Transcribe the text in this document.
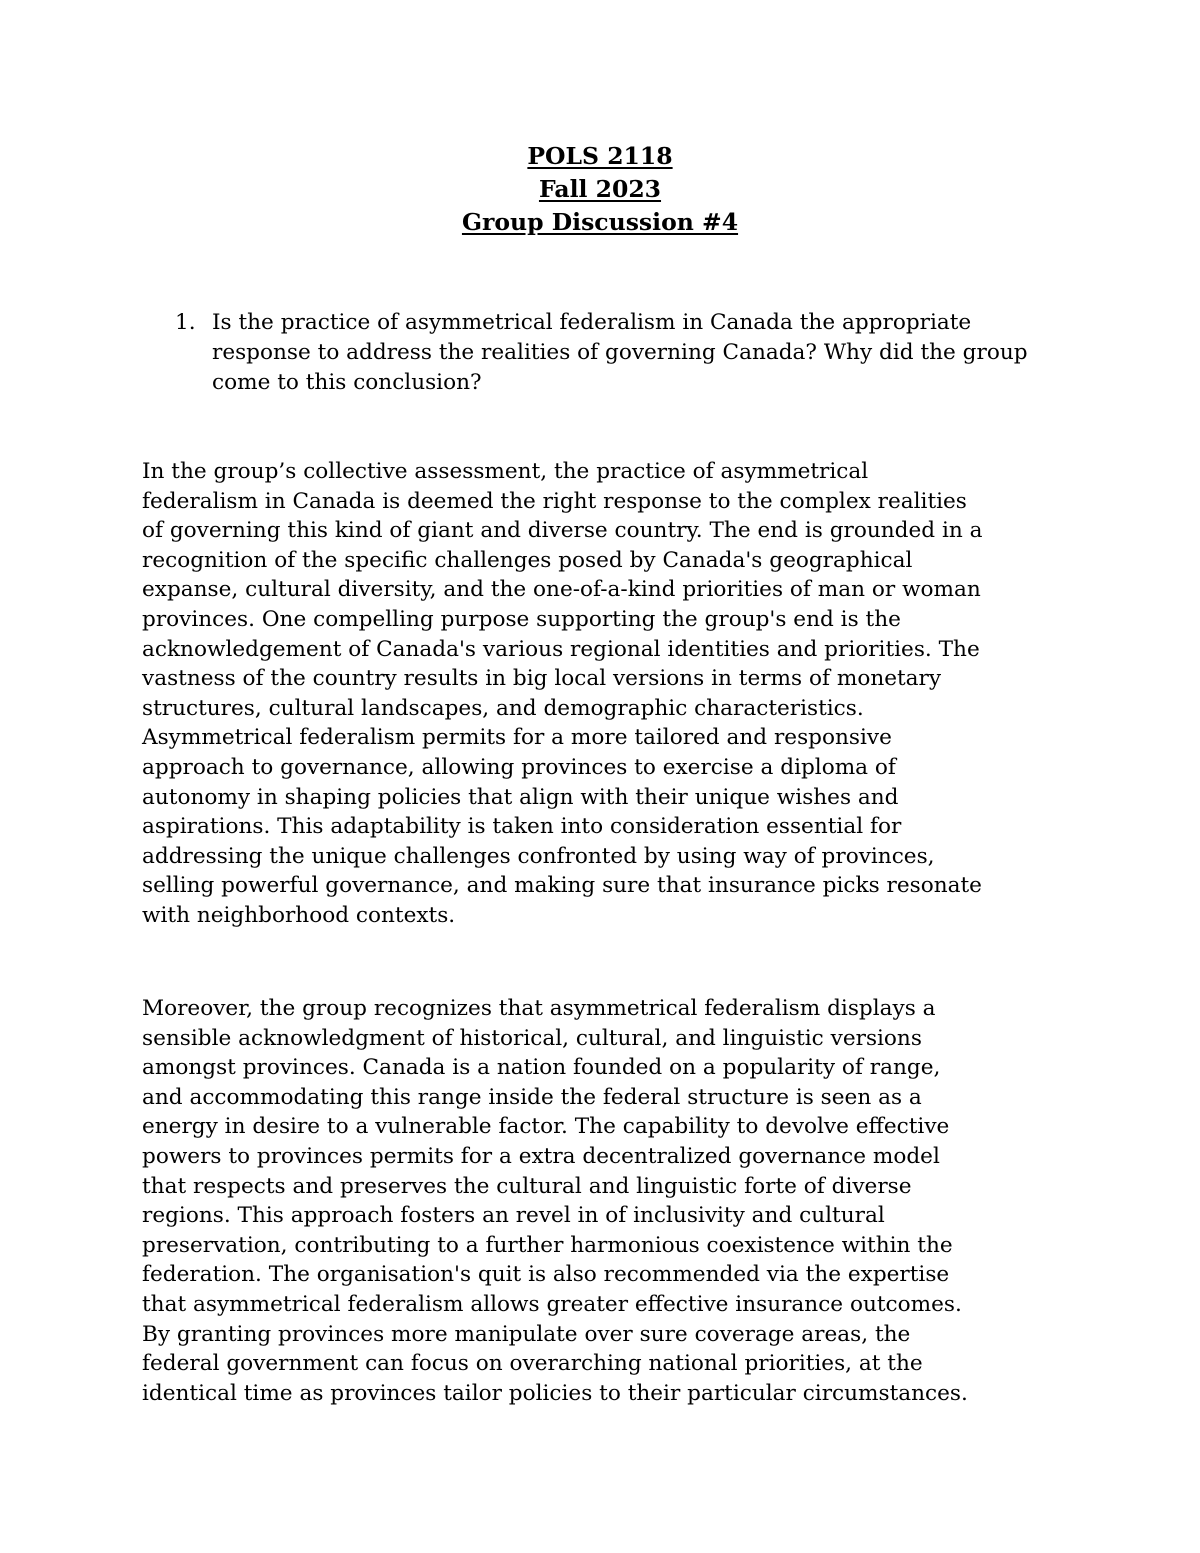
POLS 2118
Fall 2023
Group Discussion #4
1. Is the practice of asymmetrical federalism in Canada the appropriate response to address the realities of governing Canada? Why did the group come to this conclusion?
In the group’s collective assessment, the practice of asymmetrical
federalism in Canada is deemed the right response to the complex realities
of governing this kind of giant and diverse country. The end is grounded in a
recognition of the specific challenges posed by Canada's geographical
expanse, cultural diversity, and the one-of-a-kind priorities of man or woman
provinces. One compelling purpose supporting the group's end is the
acknowledgement of Canada's various regional identities and priorities. The
vastness of the country results in big local versions in terms of monetary
structures, cultural landscapes, and demographic characteristics.
Asymmetrical federalism permits for a more tailored and responsive
approach to governance, allowing provinces to exercise a diploma of
autonomy in shaping policies that align with their unique wishes and
aspirations. This adaptability is taken into consideration essential for
addressing the unique challenges confronted by using way of provinces,
selling powerful governance, and making sure that insurance picks resonate
with neighborhood contexts.
Moreover, the group recognizes that asymmetrical federalism displays a
sensible acknowledgment of historical, cultural, and linguistic versions
amongst provinces. Canada is a nation founded on a popularity of range,
and accommodating this range inside the federal structure is seen as a
energy in desire to a vulnerable factor. The capability to devolve effective
powers to provinces permits for a extra decentralized governance model
that respects and preserves the cultural and linguistic forte of diverse
regions. This approach fosters an revel in of inclusivity and cultural
preservation, contributing to a further harmonious coexistence within the
federation. The organisation's quit is also recommended via the expertise
that asymmetrical federalism allows greater effective insurance outcomes.
By granting provinces more manipulate over sure coverage areas, the
federal government can focus on overarching national priorities, at the
identical time as provinces tailor policies to their particular circumstances.
